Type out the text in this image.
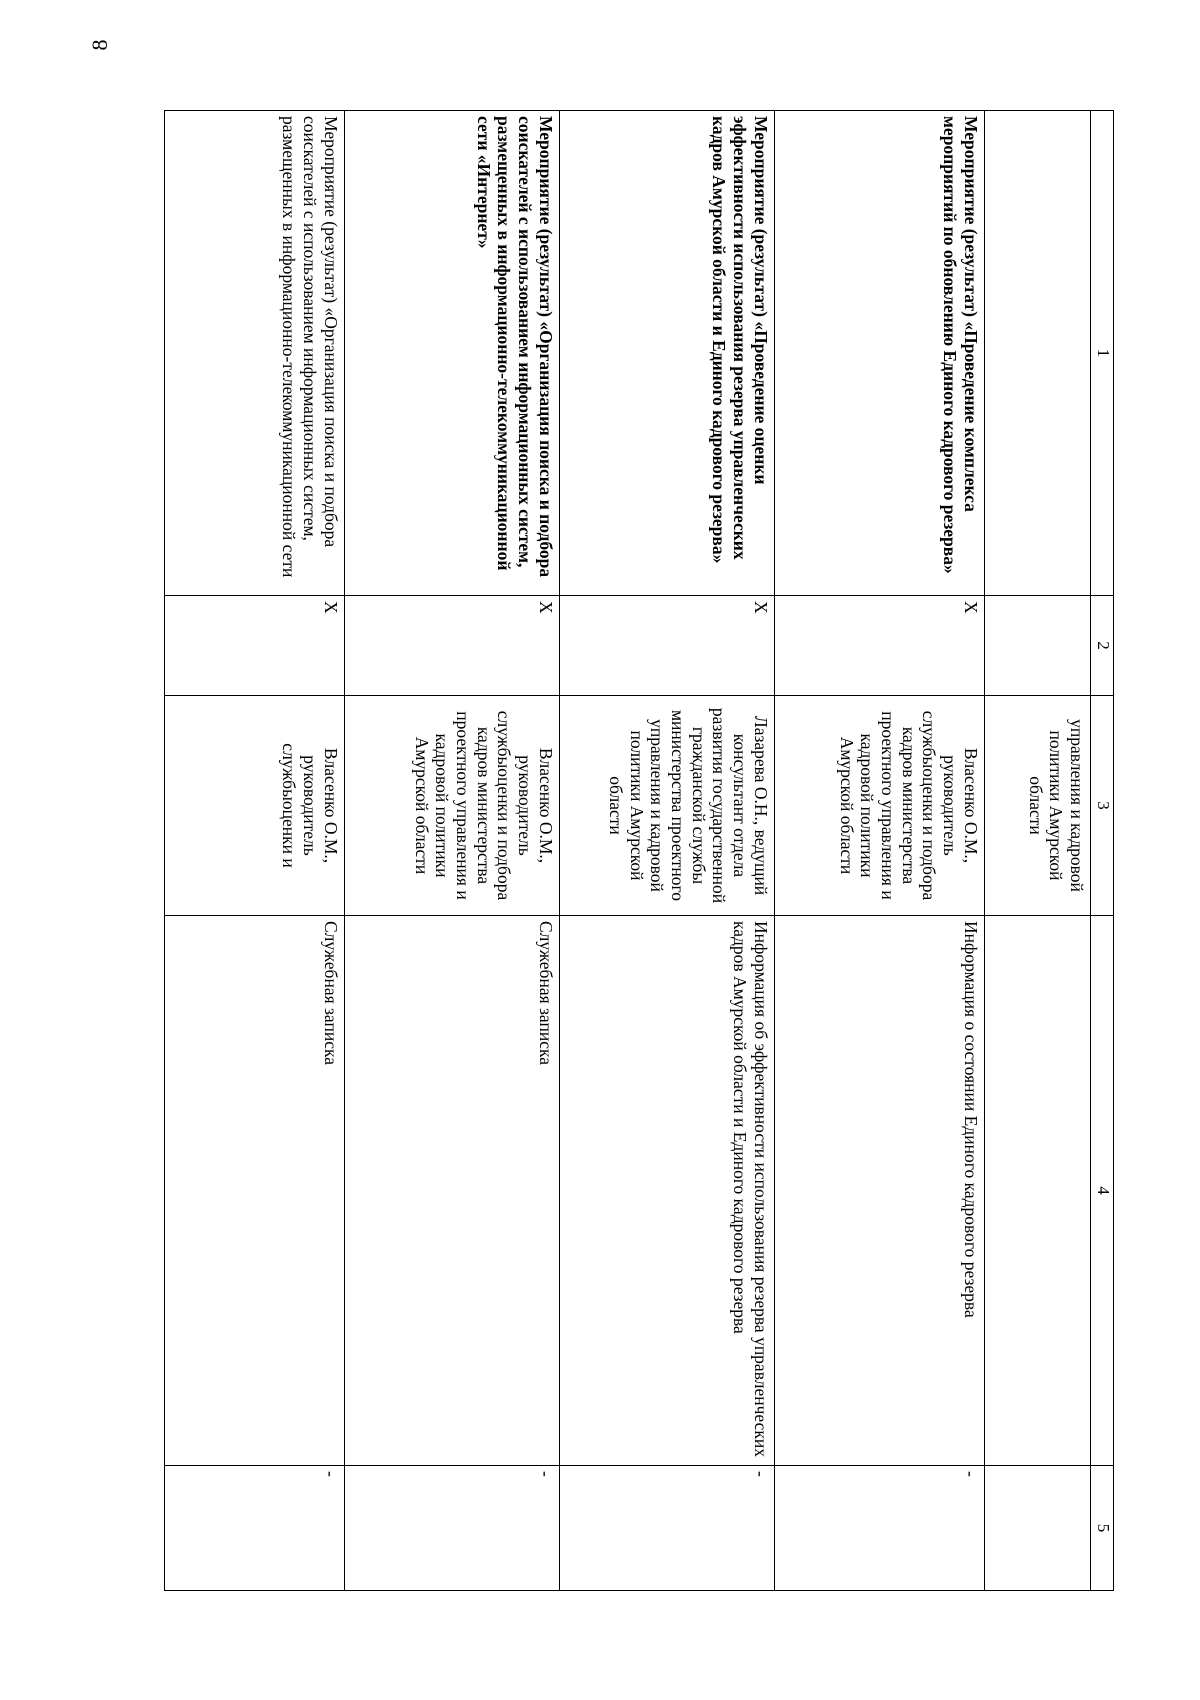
8
1	2	3	4	5
		управления и кадровой политики Амурской области		
Мероприятие (результат) «Проведение комплекса мероприятий по обновлению Единого кадрового резерва»	X	Власенко О.М., руководитель службыоценки и подбора кадров министерства проектного управления и кадровой политики Амурской области	Информация о состоянии Единого кадрового резерва	-
Мероприятие (результат) «Проведение оценки эффективности использования резерва управленческих кадров Амурской области и Единого кадрового резерва»	X	Лазарева О.Н., ведущий консультант отдела развития государственной гражданской службы министерства проектного управления и кадровой политики Амурской области	Информация об эффективности использования резерва управленческих кадров Амурской области и Единого кадрового резерва	-
Мероприятие (результат) «Организация поиска и подбора соискателей с использованием информационных систем, размещенных в информационно-телекоммуникационной сети «Интернет»	X	Власенко О.М., руководитель службыоценки и подбора кадров министерства проектного управления и кадровой политики Амурской области	Служебная записка	-
Мероприятие (результат) «Организация поиска и подбора соискателей с использованием информационных систем, размещенных в информационно-телекоммуникационной сети	X	Власенко О.М., руководитель службыоценки и	Служебная записка	-
